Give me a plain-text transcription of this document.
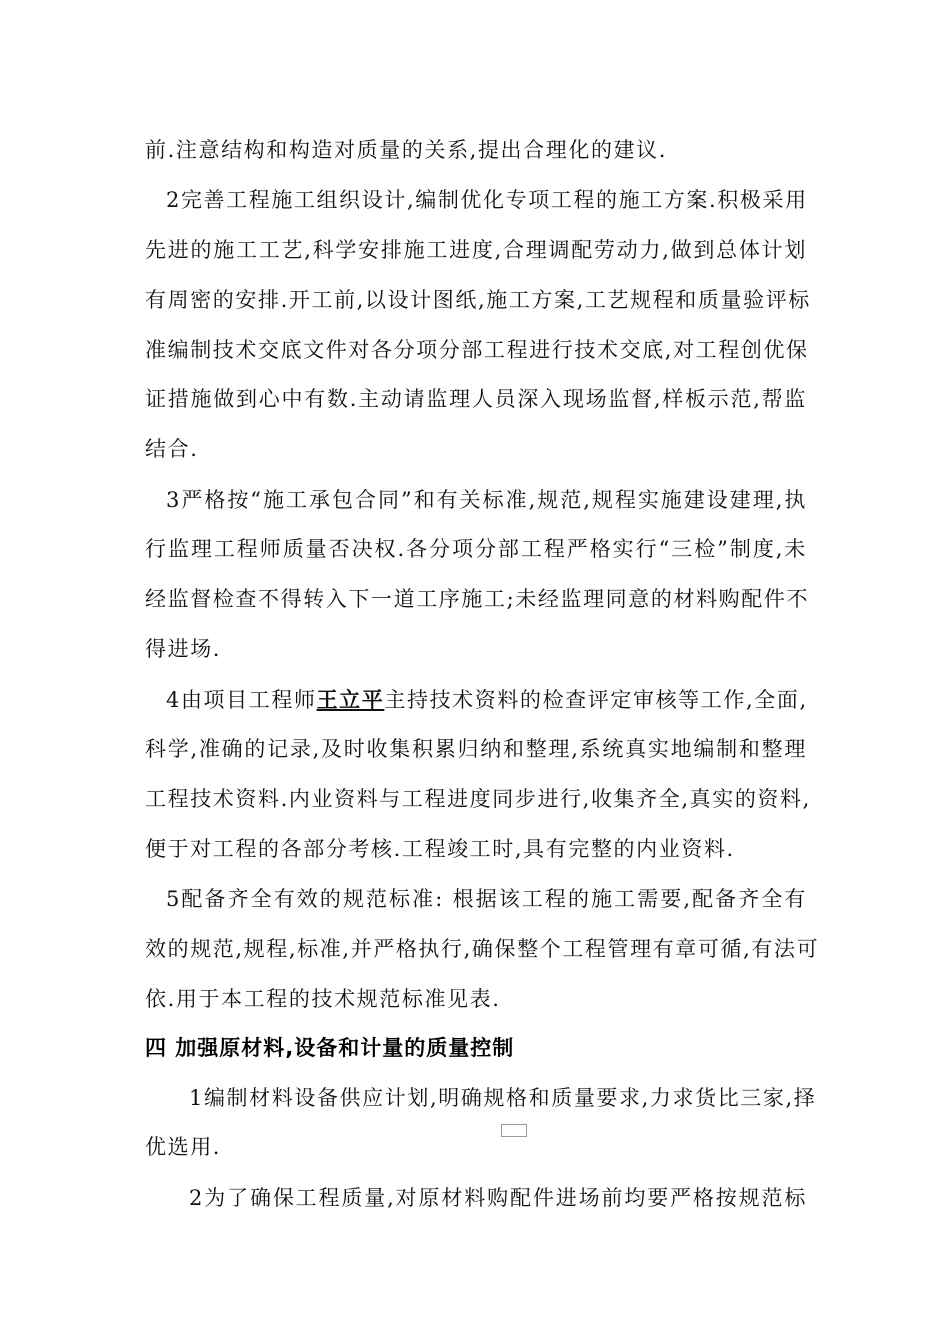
前.注意结构和构造对质量的关系,提出合理化的建议.
2完善工程施工组织设计,编制优化专项工程的施工方案.积极采用
先进的施工工艺,科学安排施工进度,合理调配劳动力,做到总体计划
有周密的安排.开工前,以设计图纸,施工方案,工艺规程和质量验评标
准编制技术交底文件对各分项分部工程进行技术交底,对工程创优保
证措施做到心中有数.主动请监理人员深入现场监督,样板示范,帮监
结合.
3严格按“施工承包合同”和有关标准,规范,规程实施建设建理,执
行监理工程师质量否决权.各分项分部工程严格实行“三检”制度,未
经监督检查不得转入下一道工序施工;未经监理同意的材料购配件不
得进场.
4由项目工程师王立平主持技术资料的检查评定审核等工作,全面,
科学,准确的记录,及时收集积累归纳和整理,系统真实地编制和整理
工程技术资料.内业资料与工程进度同步进行,收集齐全,真实的资料,
便于对工程的各部分考核.工程竣工时,具有完整的内业资料.
5配备齐全有效的规范标准: 根据该工程的施工需要,配备齐全有
效的规范,规程,标准,并严格执行,确保整个工程管理有章可循,有法可
依.用于本工程的技术规范标准见表.
四 加强原材料,设备和计量的质量控制
1编制材料设备供应计划,明确规格和质量要求,力求货比三家,择
优选用.
2为了确保工程质量,对原材料购配件进场前均要严格按规范标
